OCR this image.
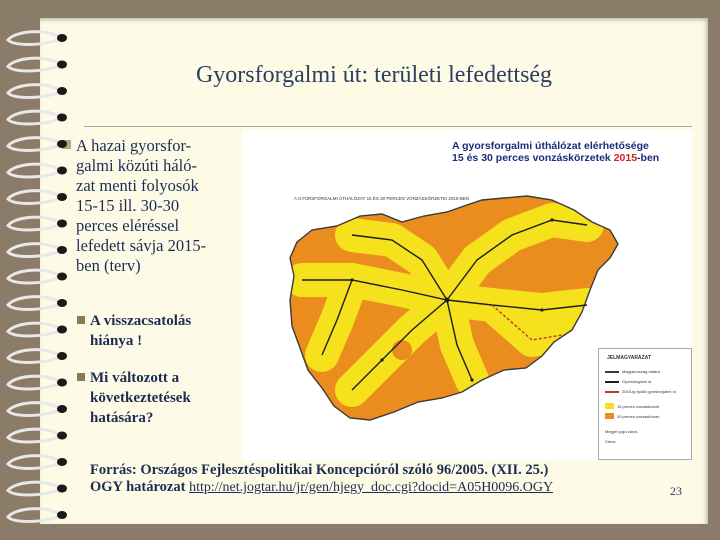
Gyorsforgalmi út: területi lefedettség
A hazai gyorsfor-
galmi közúti háló-
zat menti folyosók
15-15 ill. 30-30
perces eléréssel
lefedett sávja 2015-
ben (terv)
A visszacsatolás
hiánya !
Mi változott a
következtetések
hatására?
A gyorsforgalmi úthálózat elérhetősége
15 és 30 perces vonzáskörzetek 2015-ben
A GYORSFORGALMI ÚTHÁLÓZAT 15 ÉS 30 PERCES VONZÁSKÖRZETEI 2015-BEN
JELMAGYARÁZAT
Magyarország határa
Gyorsforgalmi út
2015-ig épülő gyorsforgalmi út
15 perces vonzáskörzet
30 perces vonzáskörzet
Megyei jogú város
Város
Forrás: Országos Fejlesztéspolitikai Koncepcióról szóló 96/2005. (XII. 25.)
OGY határozat http://net.jogtar.hu/jr/gen/hjegy_doc.cgi?docid=A05H0096.OGY	23
